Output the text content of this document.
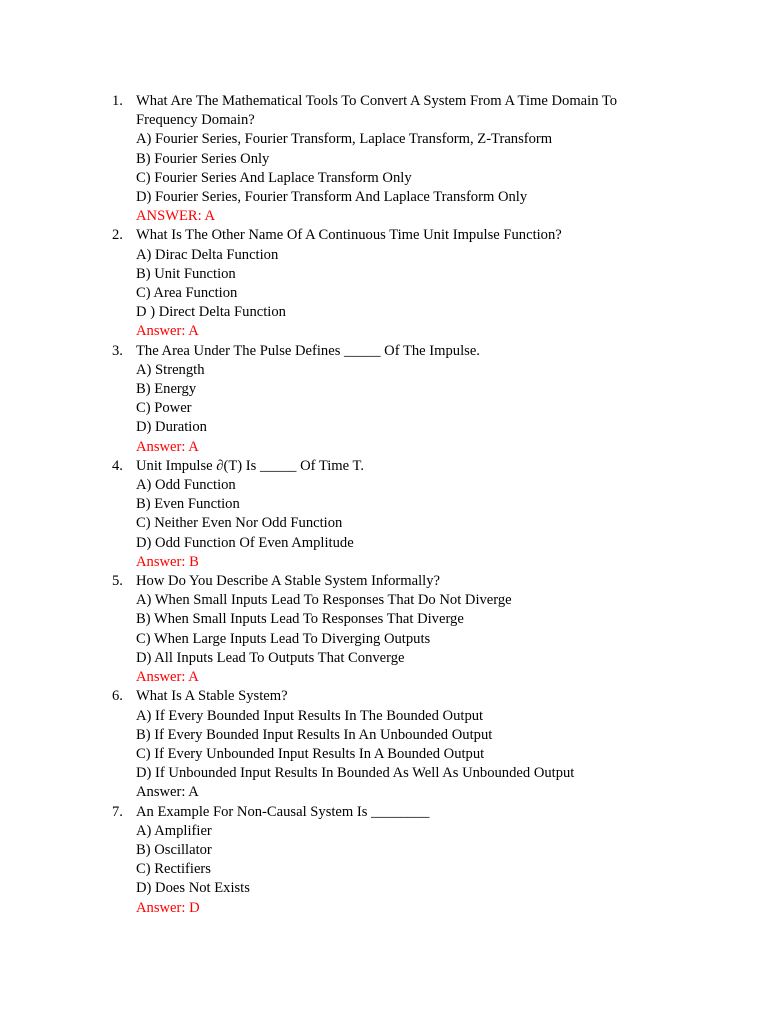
1. What Are The Mathematical Tools To Convert A System From A Time Domain To Frequency Domain?
A) Fourier Series, Fourier Transform, Laplace Transform, Z-Transform
B) Fourier Series Only
C) Fourier Series And Laplace Transform Only
D) Fourier Series, Fourier Transform And Laplace Transform Only
ANSWER: A
2. What Is The Other Name Of A Continuous Time Unit Impulse Function?
A) Dirac Delta Function
B) Unit Function
C) Area Function
D ) Direct Delta Function
Answer: A
3. The Area Under The Pulse Defines _____ Of The Impulse.
A) Strength
B) Energy
C) Power
D) Duration
Answer: A
4. Unit Impulse ∂(T) Is _____ Of Time T.
A) Odd Function
B) Even Function
C) Neither Even Nor Odd Function
D) Odd Function Of Even Amplitude
Answer: B
5. How Do You Describe A Stable System Informally?
A) When Small Inputs Lead To Responses That Do Not Diverge
B) When Small Inputs Lead To Responses That Diverge
C) When Large Inputs Lead To Diverging Outputs
D) All Inputs Lead To Outputs That Converge
Answer: A
6. What Is A Stable System?
A) If Every Bounded Input Results In The Bounded Output
B) If Every Bounded Input Results In An Unbounded Output
C) If Every Unbounded Input Results In A Bounded Output
D) If Unbounded Input Results In Bounded As Well As Unbounded Output
Answer: A
7. An Example For Non-Causal System Is ________
A) Amplifier
B) Oscillator
C) Rectifiers
D) Does Not Exists
Answer: D
